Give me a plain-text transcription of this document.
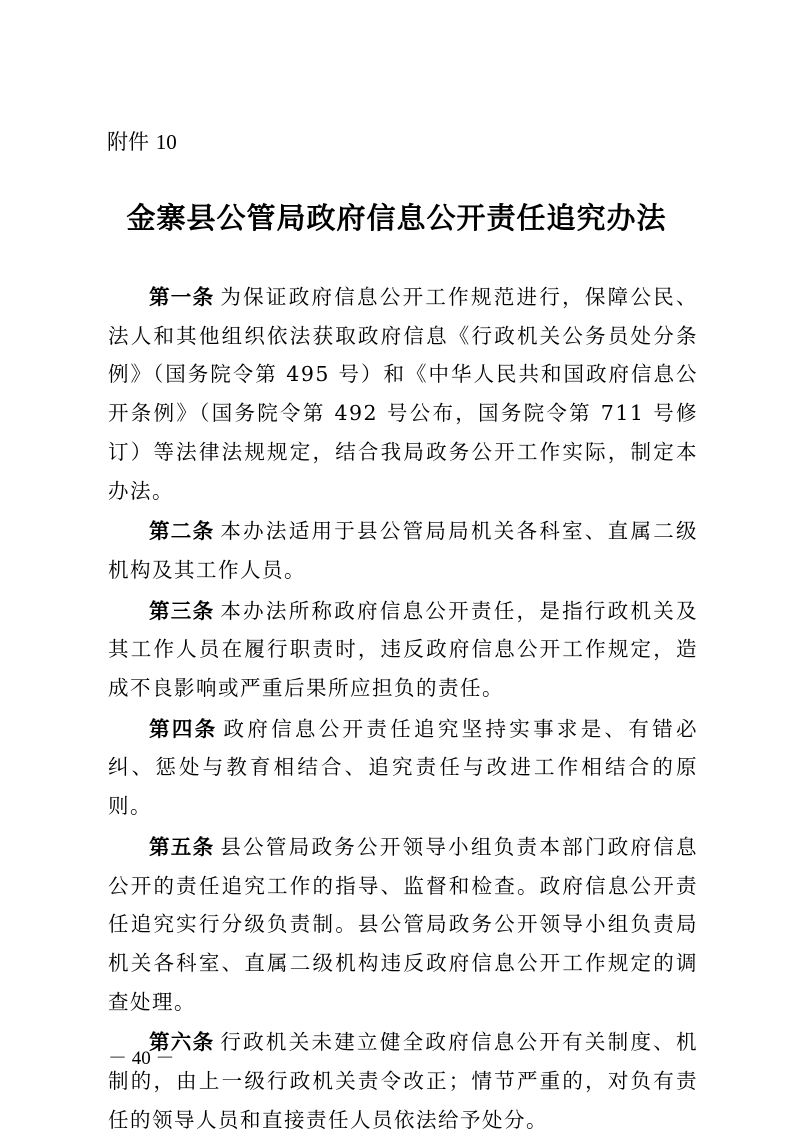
附件 10
金寨县公管局政府信息公开责任追究办法

第一条 为保证政府信息公开工作规范进行，保障公民、法人和其他组织依法获取政府信息《行政机关公务员处分条例》（国务院令第 495 号）和《中华人民共和国政府信息公开条例》（国务院令第 492 号公布，国务院令第 711 号修订）等法律法规规定，结合我局政务公开工作实际，制定本办法。

第二条 本办法适用于县公管局局机关各科室、直属二级机构及其工作人员。

第三条 本办法所称政府信息公开责任，是指行政机关及其工作人员在履行职责时，违反政府信息公开工作规定，造成不良影响或严重后果所应担负的责任。

第四条 政府信息公开责任追究坚持实事求是、有错必纠、惩处与教育相结合、追究责任与改进工作相结合的原则。

第五条 县公管局政务公开领导小组负责本部门政府信息公开的责任追究工作的指导、监督和检查。政府信息公开责任追究实行分级负责制。县公管局政务公开领导小组负责局机关各科室、直属二级机构违反政府信息公开工作规定的调查处理。

第六条 行政机关未建立健全政府信息公开有关制度、机制的，由上一级行政机关责令改正；情节严重的，对负有责任的领导人员和直接责任人员依法给予处分。

－ 40 －
